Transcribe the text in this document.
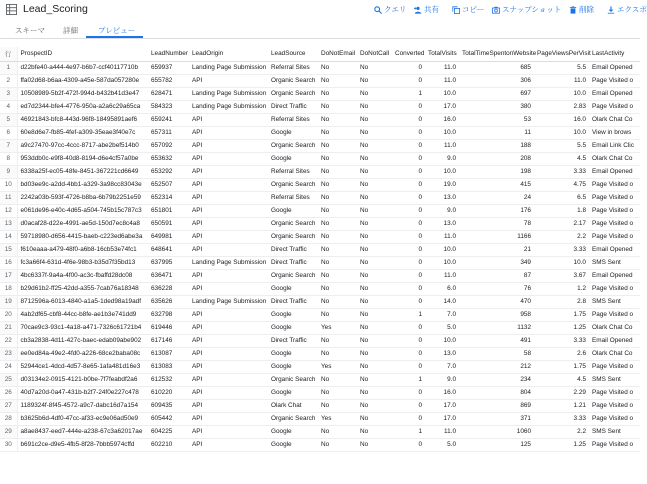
Lead_Scoring	クエリ 共有	コピー スナップショット 削除	エクスポ
スキーマ 詳細	プレビュー
行	ProspectID	LeadNumber	LeadOrigin	LeadSource	DoNotEmail	DoNotCall	Converted	TotalVisits	TotalTimeSpentonWebsite	PageViewsPerVisit	LastActivity
1	d22bfe40-a444-4e97-b6b7-ccf40117710b	659937	Landing Page Submission	Referral Sites	No	No	0	11.0	685	5.5	Email Opened
2	ffa02d68-b6aa-4309-a45e-587da057280e	655782	API	Organic Search	No	No	0	11.0	306	11.0	Page Visited o
3	10508989-5b2f-472f-994d-b432b41d3e47	628471	Landing Page Submission	Organic Search	No	No	1	10.0	697	10.0	Email Opened
4	ed7d2344-bfe4-4776-950a-a2a6c29a65ca	584323	Landing Page Submission	Direct Traffic	No	No	0	17.0	380	2.83	Page Visited o
5	46921843-bfc8-443d-96f8-18495891aef6	659241	API	Referral Sites	No	No	0	16.0	53	16.0	Olark Chat Co
6	60e8d6e7-fb85-4fef-a309-35eae3f40e7c	657311	API	Google	No	No	0	10.0	11	10.0	View in brows
7	a9c27470-97cc-4ccc-8717-abe2bef514b0	657092	API	Organic Search	No	No	0	11.0	188	5.5	Email Link Clic
8	953ddb0c-e9f8-40d8-8194-d6e4cf57a0be	653632	API	Google	No	No	0	9.0	208	4.5	Olark Chat Co
9	6338a25f-ec05-48fe-8451-367221cd6649	653292	API	Referral Sites	No	No	0	10.0	198	3.33	Email Opened
10	bd03ee9c-a2dd-4bb1-a329-3a98cc83043e	652507	API	Organic Search	No	No	0	19.0	415	4.75	Page Visited o
11	2242a03b-593f-4726-b8ba-6b79b2251e59	652314	API	Referral Sites	No	No	0	13.0	24	6.5	Page Visited o
12	e061de96-e40c-4d65-a504-745b15c787c3	651801	API	Google	No	No	0	9.0	176	1.8	Page Visited o
13	d0acaf28-d22e-4991-ae5d-150d7ec8c4a8	650591	API	Organic Search	No	No	0	13.0	78	2.17	Page Visited o
14	59718980-d656-4415-baeb-c223ed6abe3a	649981	API	Organic Search	No	No	0	11.0	1166	2.2	Page Visited o
15	f610eaaa-a479-48f0-a6b8-16cb53e74fc1	648641	API	Direct Traffic	No	No	0	10.0	21	3.33	Email Opened
16	fc3a66f4-631d-4f6e-98b3-b35d7f35bd13	637995	Landing Page Submission	Direct Traffic	No	No	0	10.0	349	10.0	SMS Sent
17	4bc6337f-9a4a-4f00-ac3c-fbaffd28dc08	636471	API	Organic Search	No	No	0	11.0	87	3.67	Email Opened
18	b29d61b2-ff25-42dd-a355-7cab76a18348	636228	API	Google	No	No	0	6.0	76	1.2	Page Visited o
19	8712596a-6013-4840-a1a5-1ded98a19adf	635626	Landing Page Submission	Direct Traffic	No	No	0	14.0	470	2.8	SMS Sent
20	4ab2df65-cbf8-44cc-b8fe-ae1b3e741dd9	632798	API	Google	No	No	1	7.0	958	1.75	Page Visited o
21	70cae9c3-93c1-4a18-a471-7326c61721b4	619446	API	Google	Yes	No	0	5.0	1132	1.25	Olark Chat Co
22	cb3a2838-4d11-427c-baec-edab09abe902	617146	API	Direct Traffic	No	No	0	10.0	491	3.33	Email Opened
23	ee0ed84a-49e2-4fd0-a226-68ce2baba08c	613087	API	Google	No	No	0	13.0	58	2.6	Olark Chat Co
24	52944ce1-4dcd-4d57-8e65-1afa481d16e3	613083	API	Google	Yes	No	0	7.0	212	1.75	Page Visited o
25	d03134e2-0915-4121-b0be-7f7feabdf2a6	612532	API	Organic Search	No	No	1	9.0	234	4.5	SMS Sent
26	40d7a20d-0a47-431b-b2f7-24f0e227c478	610220	API	Google	No	No	0	16.0	804	2.29	Page Visited o
27	1189324f-8f45-4572-a9c7-dabc16d7a154	609435	API	Olark Chat	No	No	0	17.0	869	1.21	Page Visited o
28	b3625b6d-4df0-47cc-af33-ec9e06ad50e9	605442	API	Organic Search	Yes	No	0	17.0	371	3.33	Page Visited o
29	a8ae8437-eed7-444e-a238-67c3a62017ae	604225	API	Google	No	No	1	11.0	1060	2.2	SMS Sent
30	b691c2ce-d9e5-4fb5-8f28-7bbb5974cffd	602210	API	Google	No	No	0	5.0	125	1.25	Page Visited o
